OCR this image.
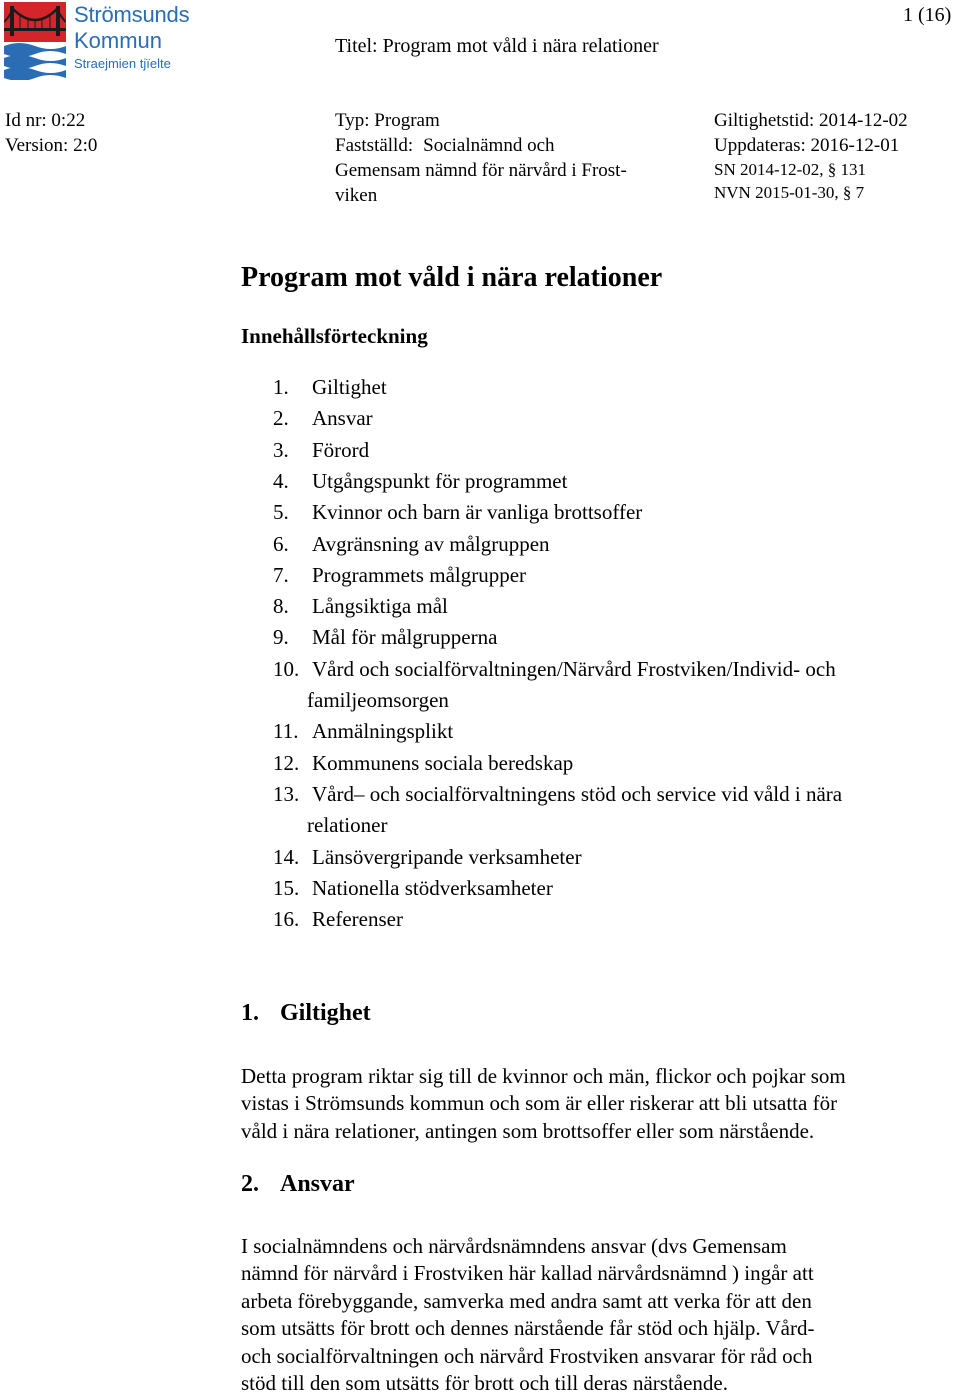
Strömsunds
Kommun
Straejmien tjïelte
1 (16)
Titel: Program mot våld i nära relationer
Id nr: 0:22
Version: 2:0
Typ: Program
Fastställd: Socialnämnd och
Gemensam nämnd för närvård i Frost-
viken
Giltighetstid: 2014-12-02
Uppdateras: 2016-12-01
SN 2014-12-02, § 131
NVN 2015-01-30, § 7
Program mot våld i nära relationer
Innehållsförteckning
1. Giltighet
2. Ansvar
3. Förord
4. Utgångspunkt för programmet
5. Kvinnor och barn är vanliga brottsoffer
6. Avgränsning av målgruppen
7. Programmets målgrupper
8. Långsiktiga mål
9. Mål för målgrupperna
10. Vård och socialförvaltningen/Närvård Frostviken/Individ- och
familjeomsorgen
11. Anmälningsplikt
12. Kommunens sociala beredskap
13. Vård– och socialförvaltningens stöd och service vid våld i nära
relationer
14. Länsövergripande verksamheter
15. Nationella stödverksamheter
16. Referenser
1. Giltighet
Detta program riktar sig till de kvinnor och män, flickor och pojkar som
vistas i Strömsunds kommun och som är eller riskerar att bli utsatta för
våld i nära relationer, antingen som brottsoffer eller som närstående.
2. Ansvar
I socialnämndens och närvårdsnämndens ansvar (dvs Gemensam
nämnd för närvård i Frostviken här kallad närvårdsnämnd ) ingår att
arbeta förebyggande, samverka med andra samt att verka för att den
som utsätts för brott och dennes närstående får stöd och hjälp. Vård-
och socialförvaltningen och närvård Frostviken ansvarar för råd och
stöd till den som utsätts för brott och till deras närstående.
